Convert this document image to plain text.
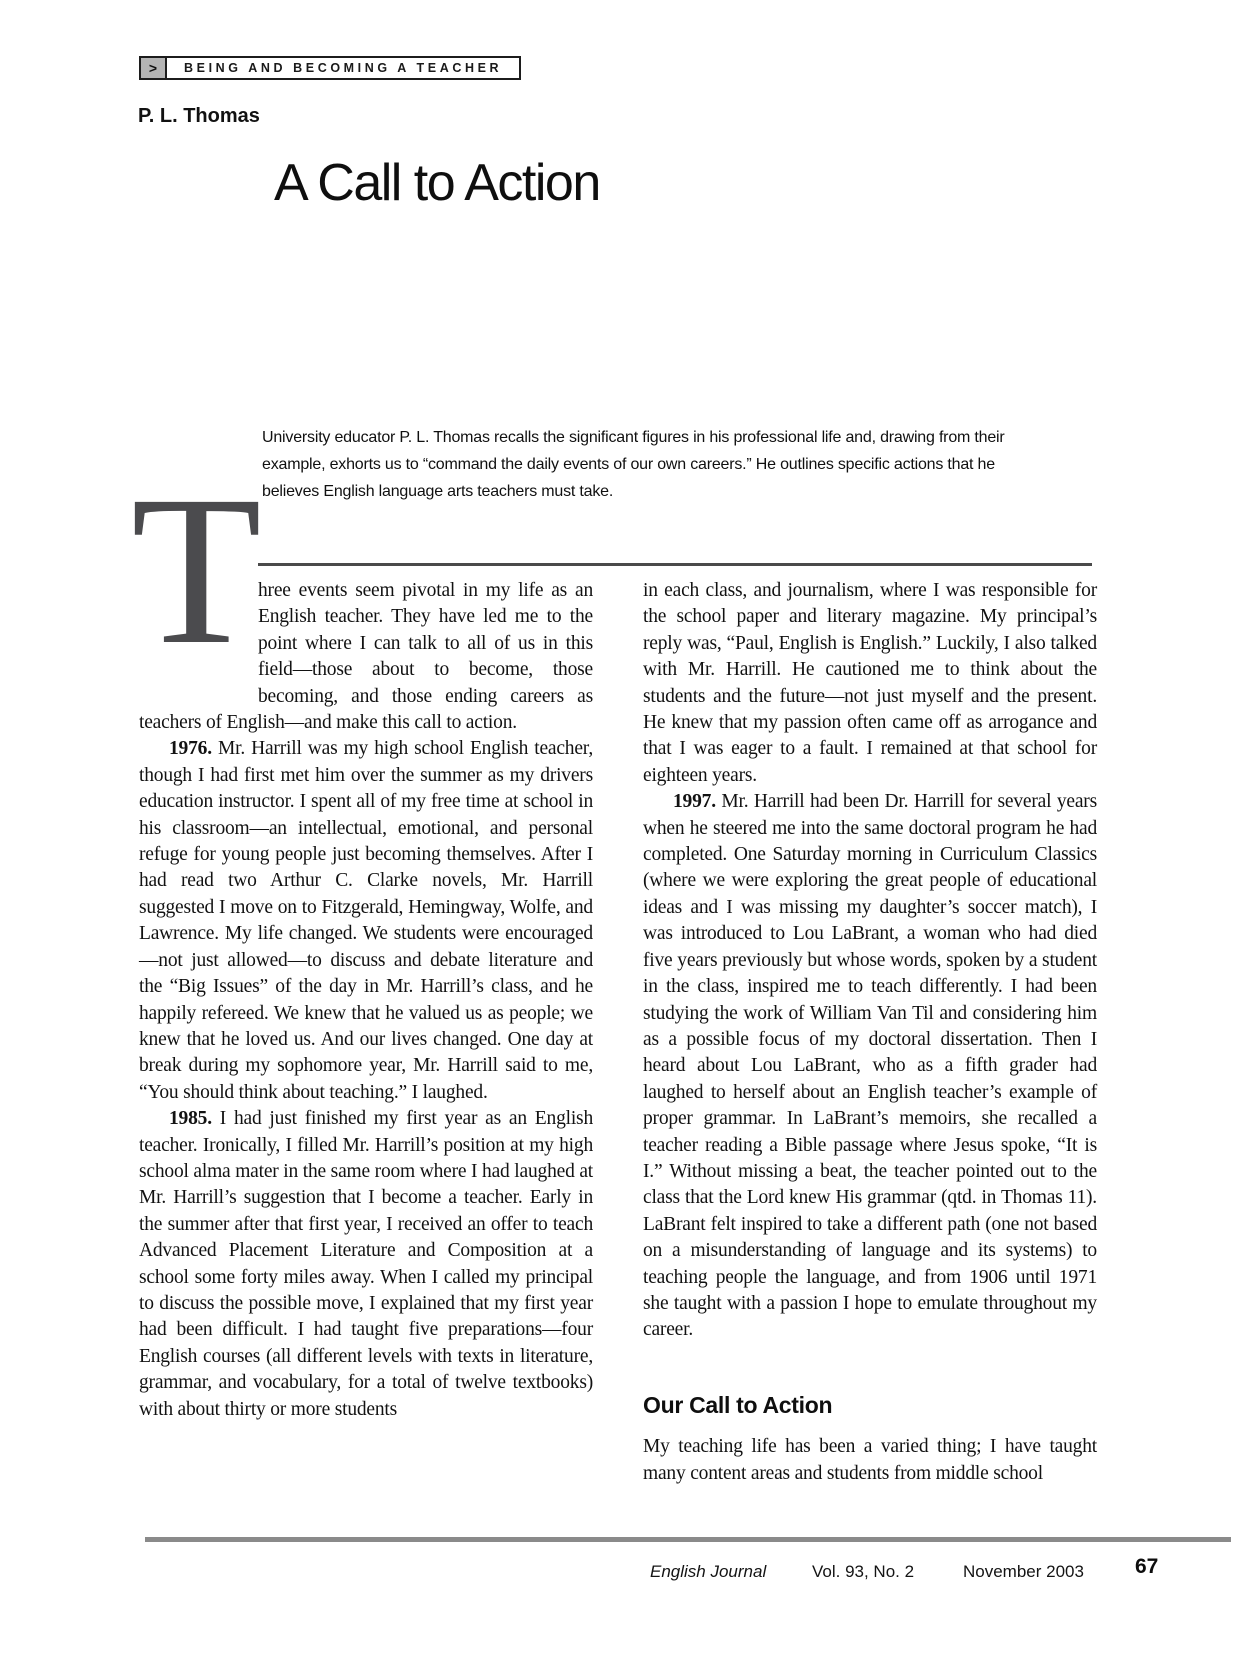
>	BEING AND BECOMING A TEACHER
P. L. Thomas
A Call to Action

University educator P. L. Thomas recalls the significant figures in his professional life and, drawing from their example, exhorts us to “command the daily events of our own careers.” He outlines specific actions that he believes English language arts teachers must take.

T

hree events seem pivotal in my life as an English teacher. They have led me to the point where I can talk to all of us in this field—those about to become, those becoming, and those ending careers as teachers of English—and make this call to action.

1976. Mr. Harrill was my high school English teacher, though I had first met him over the summer as my drivers education instructor. I spent all of my free time at school in his classroom—an intellectual, emotional, and personal refuge for young people just becoming themselves. After I had read two Arthur C. Clarke novels, Mr. Harrill suggested I move on to Fitzgerald, Hemingway, Wolfe, and Lawrence. My life changed. We students were encouraged—not just allowed—to discuss and debate literature and the “Big Issues” of the day in Mr. Harrill’s class, and he happily refereed. We knew that he valued us as people; we knew that he loved us. And our lives changed. One day at break during my sophomore year, Mr. Harrill said to me, “You should think about teaching.” I laughed.

1985. I had just finished my first year as an English teacher. Ironically, I filled Mr. Harrill’s position at my high school alma mater in the same room where I had laughed at Mr. Harrill’s suggestion that I become a teacher. Early in the summer after that first year, I received an offer to teach Advanced Placement Literature and Composition at a school some forty miles away. When I called my principal to discuss the possible move, I explained that my first year had been difficult. I had taught five preparations—four English courses (all different levels with texts in literature, grammar, and vocabulary, for a total of twelve textbooks) with about thirty or more students

in each class, and journalism, where I was responsible for the school paper and literary magazine. My principal’s reply was, “Paul, English is English.” Luckily, I also talked with Mr. Harrill. He cautioned me to think about the students and the future—not just myself and the present. He knew that my passion often came off as arrogance and that I was eager to a fault. I remained at that school for eighteen years.

1997. Mr. Harrill had been Dr. Harrill for several years when he steered me into the same doctoral program he had completed. One Saturday morning in Curriculum Classics (where we were exploring the great people of educational ideas and I was missing my daughter’s soccer match), I was introduced to Lou LaBrant, a woman who had died five years previously but whose words, spoken by a student in the class, inspired me to teach differently. I had been studying the work of William Van Til and considering him as a possible focus of my doctoral dissertation. Then I heard about Lou LaBrant, who as a fifth grader had laughed to herself about an English teacher’s example of proper grammar. In LaBrant’s memoirs, she recalled a teacher reading a Bible passage where Jesus spoke, “It is I.” Without missing a beat, the teacher pointed out to the class that the Lord knew His grammar (qtd. in Thomas 11). LaBrant felt inspired to take a different path (one not based on a misunderstanding of language and its systems) to teaching people the language, and from 1906 until 1971 she taught with a passion I hope to emulate throughout my career.

Our Call to Action

My teaching life has been a varied thing; I have taught many content areas and students from middle school

English Journal	Vol. 93, No. 2	November 2003 67
